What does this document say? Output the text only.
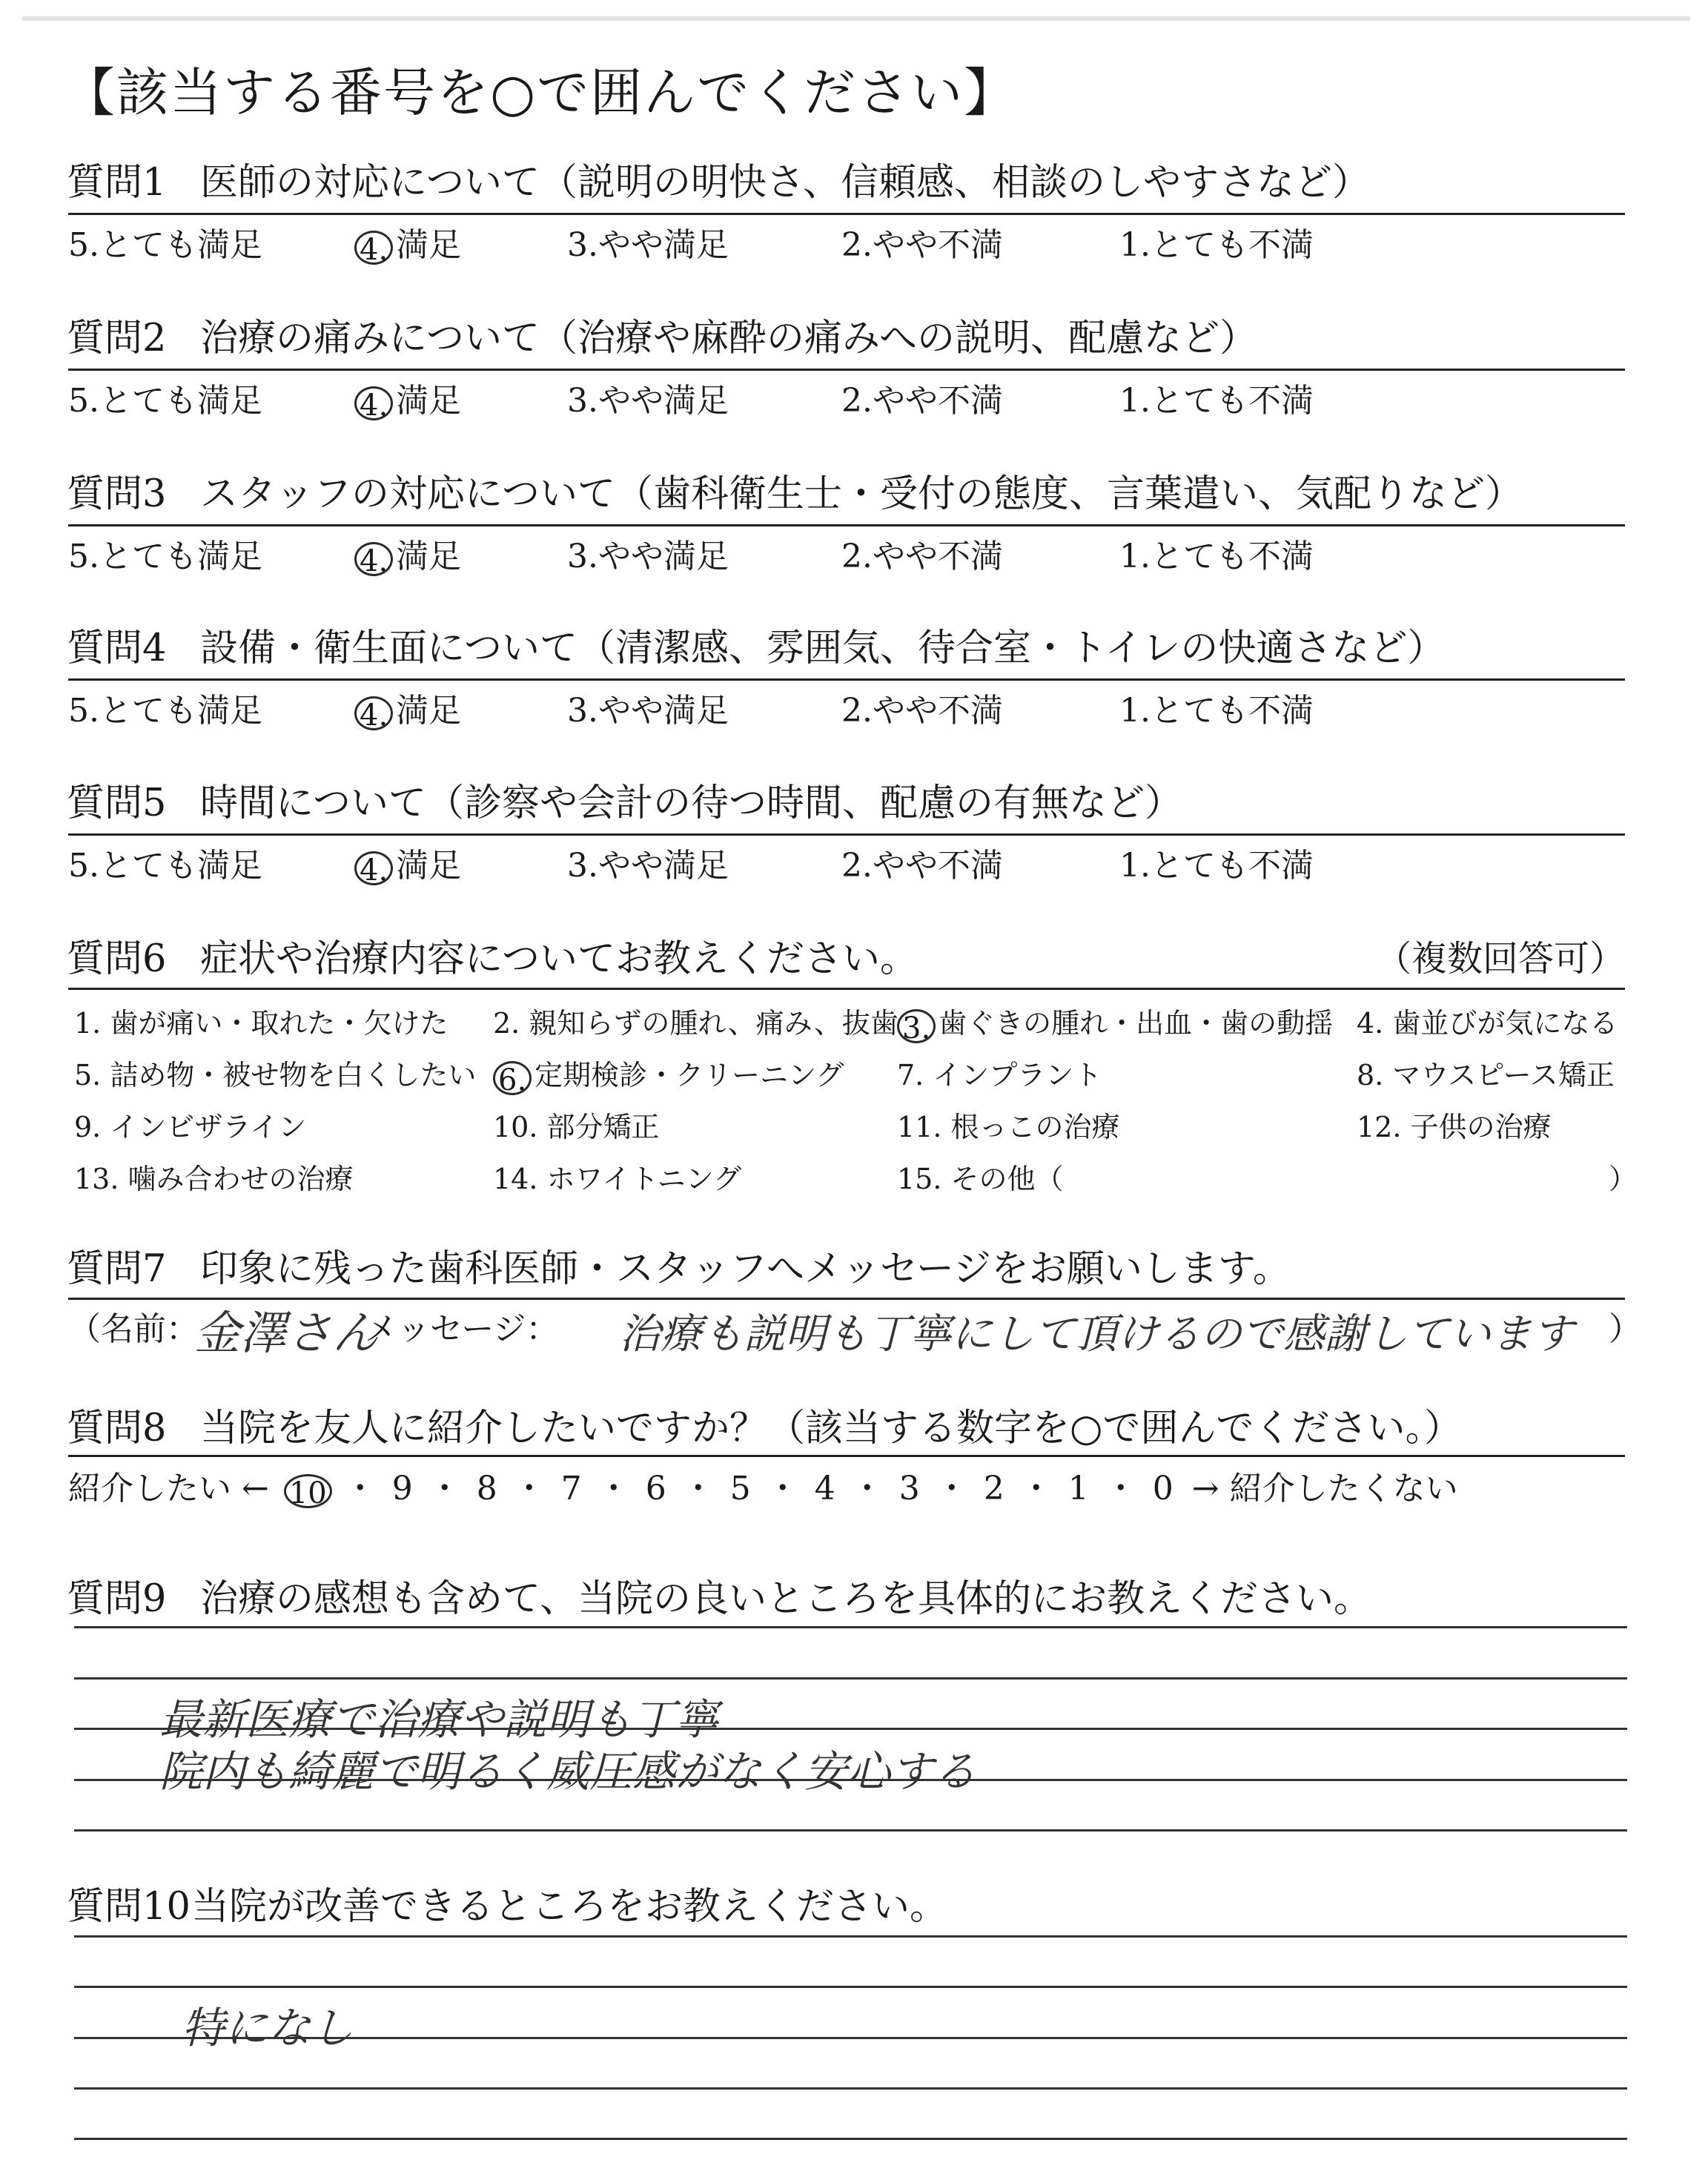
【該当する番号を○で囲んでください】
質問1 医師の対応について（説明の明快さ、信頼感、相談のしやすさなど）
5.とても満足	4. 満足	3.やや満足	2.やや不満	1.とても不満
質問2 治療の痛みについて（治療や麻酔の痛みへの説明、配慮など）
5.とても満足	4. 満足	3.やや満足	2.やや不満	1.とても不満
質問3 スタッフの対応について（歯科衛生士・受付の態度、言葉遣い、気配りなど）
5.とても満足	4. 満足	3.やや満足	2.やや不満	1.とても不満
質問4 設備・衛生面について（清潔感、雰囲気、待合室・トイレの快適さなど）
5.とても満足	4. 満足	3.やや満足	2.やや不満	1.とても不満
質問5 時間について（診察や会計の待つ時間、配慮の有無など）
5.とても満足	4. 満足	3.やや満足	2.やや不満	1.とても不満
質問6 症状や治療内容についてお教えください。	（複数回答可）
1. 歯が痛い・取れた・欠けた 2. 親知らずの腫れ、痛み、抜歯 3. 歯ぐきの腫れ・出血・歯の動揺 4. 歯並びが気になる
5. 詰め物・被せ物を白くしたい 6. 定期検診・クリーニング 7. インプラント	8. マウスピース矯正
9. インビザライン	10. 部分矯正	11. 根っこの治療	12. 子供の治療
13. 噛み合わせの治療	14. ホワイトニング	15. その他（	）
質問7 印象に残った歯科医師・スタッフへメッセージをお願いします。
（名前：
金澤さん
メッセージ： 治療も説明も丁寧にして頂けるので感謝しています ）
質問8 当院を友人に紹介したいですか？（該当する数字を○で囲んでください。）
紹介したい ← 10 ・ 9 ・ 8 ・ 7 ・ 6 ・ 5 ・ 4 ・ 3 ・ 2 ・ 1 ・ 0 → 紹介したくない
質問9 治療の感想も含めて、当院の良いところを具体的にお教えください。
最新医療で治療や説明も丁寧
院内も綺麗で明るく威圧感がなく安心する
質問10当院が改善できるところをお教えください。
特になし
